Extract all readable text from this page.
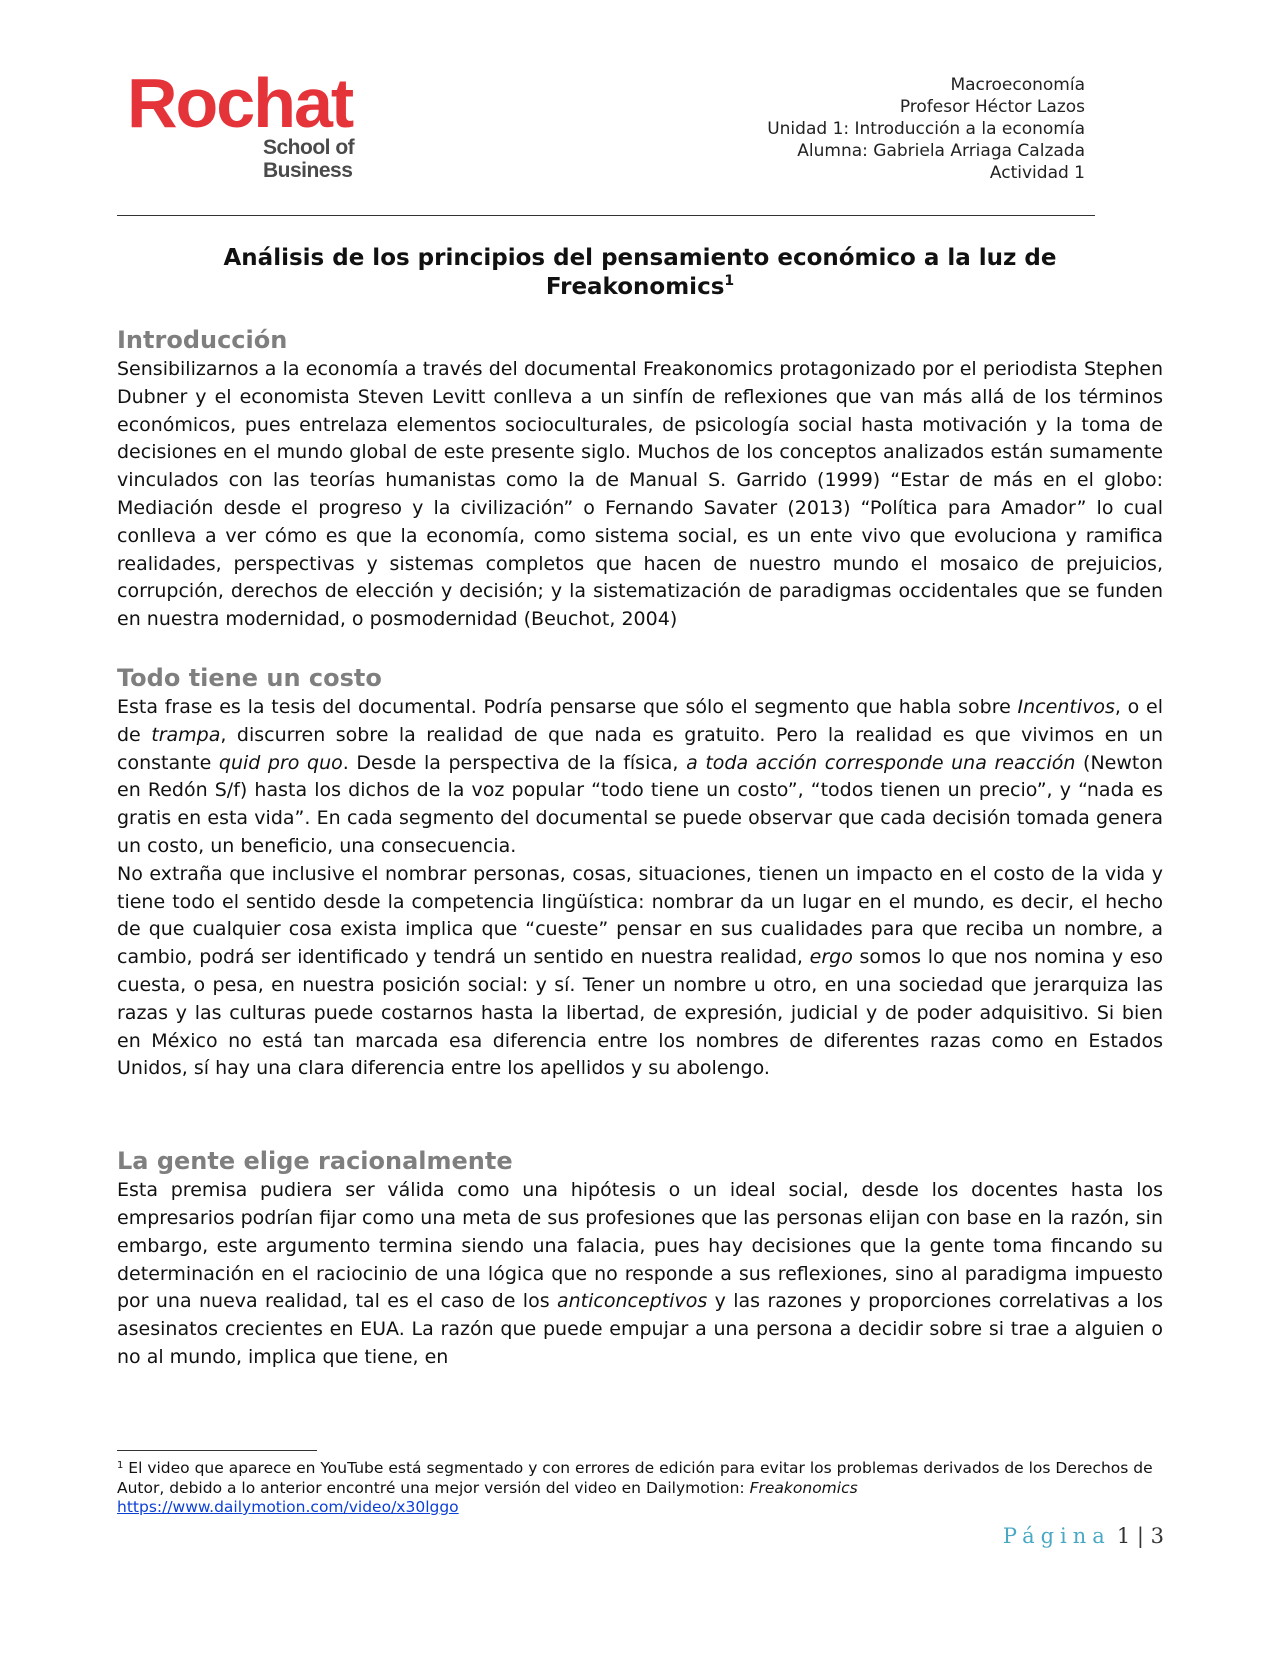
Rochat
School of
Business
Macroeconomía
Profesor Héctor Lazos
Unidad 1: Introducción a la economía
Alumna: Gabriela Arriaga Calzada
Actividad 1
Análisis de los principios del pensamiento económico a la luz de
Freakonomics$^1$
Introducción

Sensibilizarnos a la economía a través del documental Freakonomics protagonizado por el periodista Stephen Dubner y el economista Steven Levitt conlleva a un sinfín de reflexiones que van más allá de los términos económicos, pues entrelaza elementos socioculturales, de psicología social hasta motivación y la toma de decisiones en el mundo global de este presente siglo. Muchos de los conceptos analizados están sumamente vinculados con las teorías humanistas como la de Manual S. Garrido (1999) “Estar de más en el globo: Mediación desde el progreso y la civilización” o Fernando Savater (2013) “Política para Amador” lo cual conlleva a ver cómo es que la economía, como sistema social, es un ente vivo que evoluciona y ramifica realidades, perspectivas y sistemas completos que hacen de nuestro mundo el mosaico de prejuicios, corrupción, derechos de elección y decisión; y la sistematización de paradigmas occidentales que se funden en nuestra modernidad, o posmodernidad (Beuchot, 2004)

Todo tiene un costo

Esta frase es la tesis del documental. Podría pensarse que sólo el segmento que habla sobre Incentivos, o el de trampa, discurren sobre la realidad de que nada es gratuito. Pero la realidad es que vivimos en un constante quid pro quo. Desde la perspectiva de la física, a toda acción corresponde una reacción (Newton en Redón S/f) hasta los dichos de la voz popular “todo tiene un costo”, “todos tienen un precio”, y “nada es gratis en esta vida”. En cada segmento del documental se puede observar que cada decisión tomada genera un costo, un beneficio, una consecuencia.

No extraña que inclusive el nombrar personas, cosas, situaciones, tienen un impacto en el costo de la vida y tiene todo el sentido desde la competencia lingüística: nombrar da un lugar en el mundo, es decir, el hecho de que cualquier cosa exista implica que “cueste” pensar en sus cualidades para que reciba un nombre, a cambio, podrá ser identificado y tendrá un sentido en nuestra realidad, ergo somos lo que nos nomina y eso cuesta, o pesa, en nuestra posición social: y sí. Tener un nombre u otro, en una sociedad que jerarquiza las razas y las culturas puede costarnos hasta la libertad, de expresión, judicial y de poder adquisitivo. Si bien en México no está tan marcada esa diferencia entre los nombres de diferentes razas como en Estados Unidos, sí hay una clara diferencia entre los apellidos y su abolengo.

La gente elige racionalmente

Esta premisa pudiera ser válida como una hipótesis o un ideal social, desde los docentes hasta los empresarios podrían fijar como una meta de sus profesiones que las personas elijan con base en la razón, sin embargo, este argumento termina siendo una falacia, pues hay decisiones que la gente toma fincando su determinación en el raciocinio de una lógica que no responde a sus reflexiones, sino al paradigma impuesto por una nueva realidad, tal es el caso de los anticonceptivos y las razones y proporciones correlativas a los asesinatos crecientes en EUA. La razón que puede empujar a una persona a decidir sobre si trae a alguien o no al mundo, implica que tiene, en

$^1$ El video que aparece en YouTube está segmentado y con errores de edición para evitar los problemas derivados de los Derechos de Autor, debido a lo anterior encontré una mejor versión del video en Dailymotion: Freakonomics
https://www.dailymotion.com/video/x30lggo
Página 1 | 3
